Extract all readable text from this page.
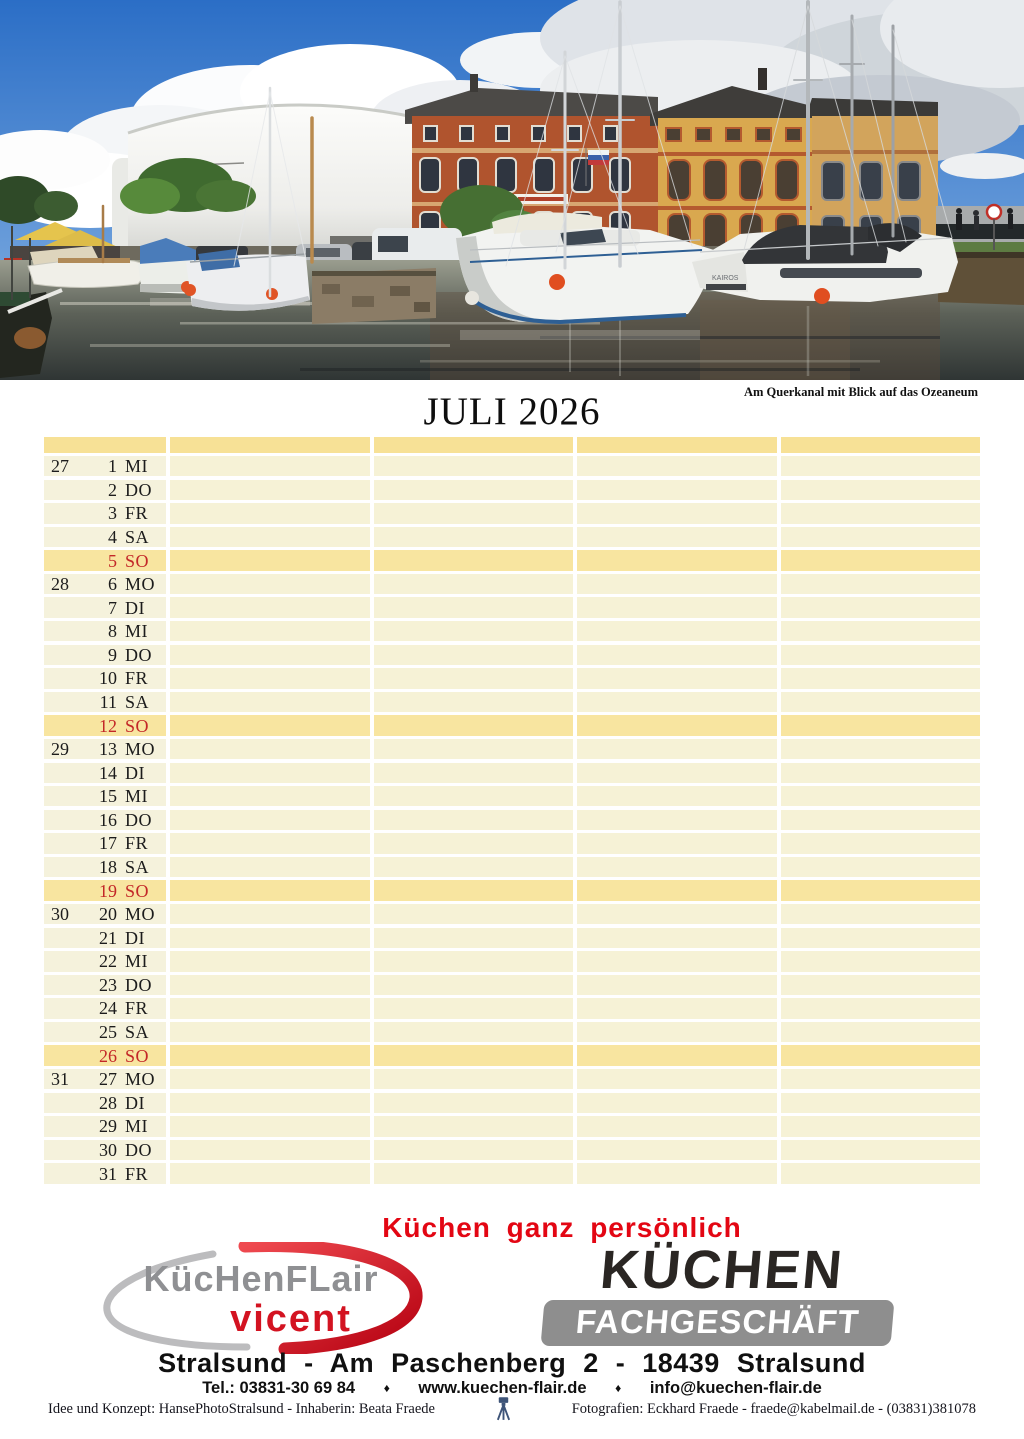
KAIROS
Am Querkanal mit Blick auf das Ozeaneum
JULI 2026
27	1 MI
2 DO
3 FR
4 SA
5 SO
28	6 MO
7 DI
8 MI
9 DO
10 FR
11 SA
12 SO
29	13 MO
14 DI
15 MI
16 DO
17 FR
18 SA
19 SO
30	20 MO
21 DI
22 MI
23 DO
24 FR
25 SA
26 SO
31	27 MO
28 DI
29 MI
30 DO
31 FR
Küchen ganz persönlich
KücHenFLair
vicent
KÜCHEN
FACHGESCHÄFT
Stralsund - Am Paschenberg 2 - 18439 Stralsund
Tel.: 03831-30 69 84 ♦ www.kuechen-flair.de ♦ info@kuechen-flair.de
Idee und Konzept: HansePhotoStralsund - Inhaberin: Beata Fraede	Fotografien: Eckhard Fraede - fraede@kabelmail.de - (03831)381078
